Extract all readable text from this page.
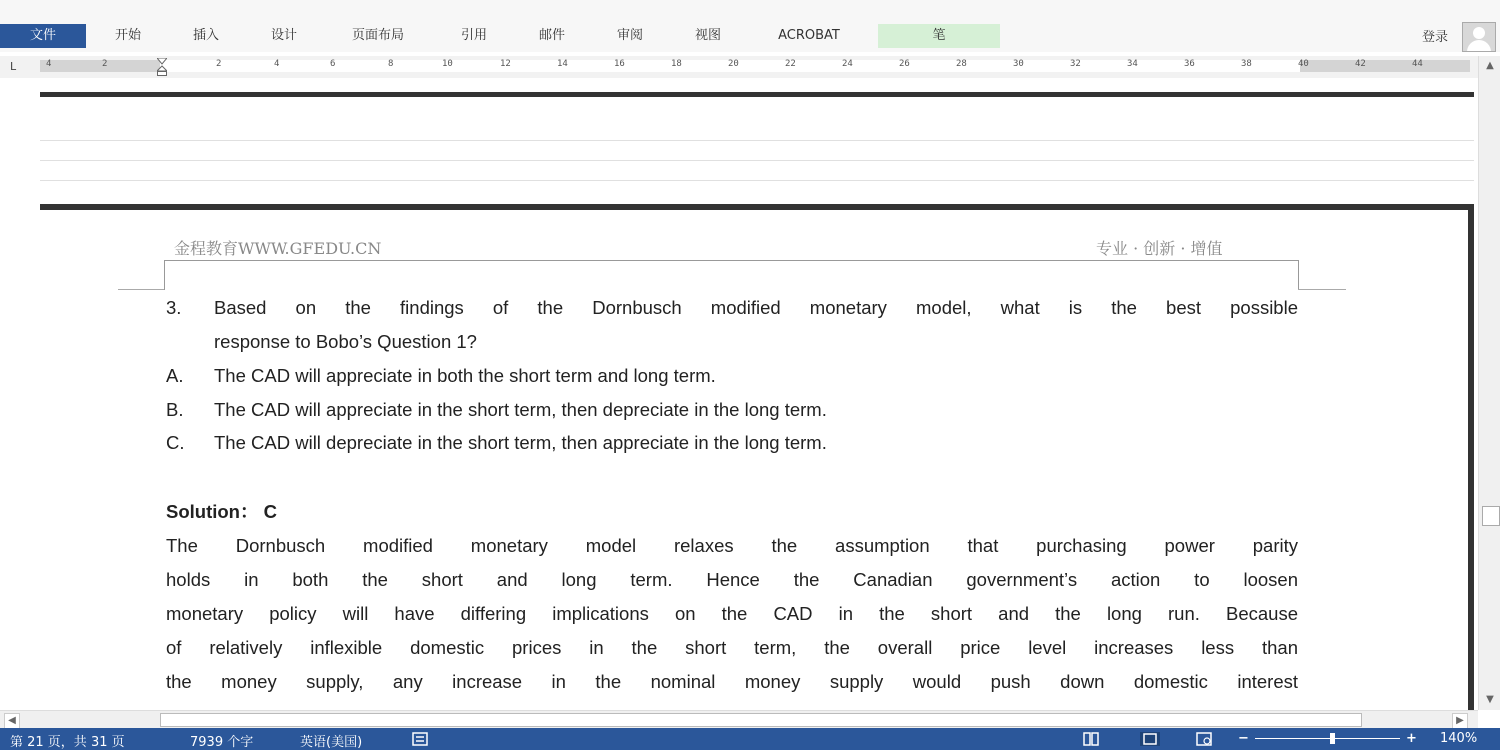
文件	开始	插入	设计	页面布局	引用	邮件	审阅	视图	ACROBAT	笔	登录
L	4	2	2	4	6	8	10	12	14	16	18	20	22	24	26	28	30	32	34	36	38	40	42	44
金程教育WWW.GFEDU.CN	专业 · 创新 · 增值
3.	Based on the findings of the Dornbusch modified monetary model, what is the best possible
response to Bobo’s Question 1?
A.	The CAD will appreciate in both the short term and long term.
B.	The CAD will appreciate in the short term, then depreciate in the long term.
C.	The CAD will depreciate in the short term, then appreciate in the long term.
Solution： C
The Dornbusch modified monetary model relaxes the assumption that purchasing power parity
holds in both the short and long term. Hence the Canadian government’s action to loosen
monetary policy will have differing implications on the CAD in the short and the long run. Because
of relatively inflexible domestic prices in the short term, the overall price level increases less than
the money supply, any increase in the nominal money supply would push down domestic interest
▲
▼
◀	▶
第 21 页，共 31 页	7939 个字	英语(美国)	−	+ 140%
